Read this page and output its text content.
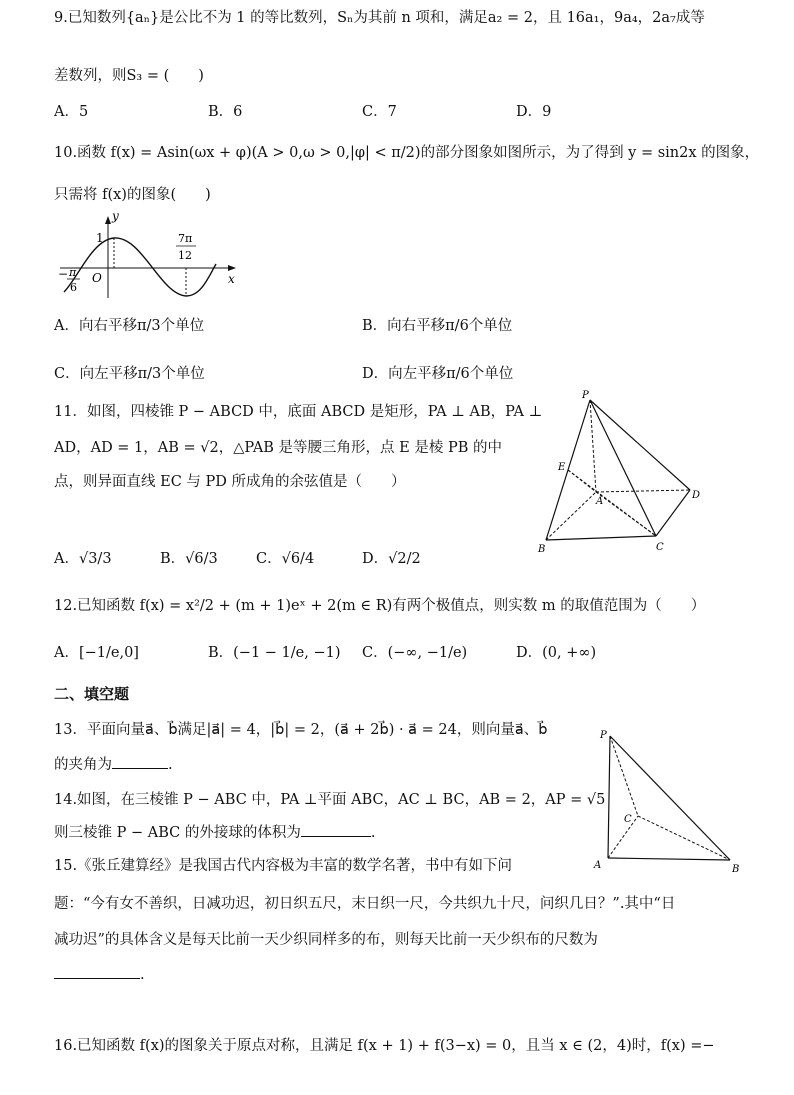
9.已知数列{aₙ}是公比不为 1 的等比数列，Sₙ为其前 n 项和，满足a₂ = 2，且 16a₁，9a₄，2a₇成等
差数列，则S₃ = (　　)
A．5	B．6	C．7	D．9
10.函数 f(x) = Asin(ωx + φ)(A > 0,ω > 0,|φ| < π/2)的部分图象如图所示，为了得到 y = sin2x 的图象，
只需将 f(x)的图象(　　)
y
x
O
1
− π
6
7π
12
A．向右平移π/3个单位	B．向右平移π/6个单位
C．向左平移π/3个单位	D．向左平移π/6个单位
11．如图，四棱锥 P − ABCD 中，底面 ABCD 是矩形，PA ⊥ AB，PA ⊥
AD，AD = 1，AB = √2，△PAB 是等腰三角形，点 E 是棱 PB 的中
点，则异面直线 EC 与 PD 所成角的余弦值是（　　）
P
E
A
B	C
D
A．√3/3	B．√6/3	C．√6/4	D．√2/2
12.已知函数 f(x) = x²/2 + (m + 1)eˣ + 2(m ∈ R)有两个极值点，则实数 m 的取值范围为（　　）
A．[−1/e,0]	B．(−1 − 1/e, −1) C．(−∞, −1/e)	D．(0, +∞)
二、填空题
13．平面向量a⃗、b⃗满足|a⃗| = 4，|b⃗| = 2，(a⃗ + 2b⃗) · a⃗ = 24，则向量a⃗、b⃗
的夹角为	.
14.如图，在三棱锥 P − ABC 中，PA ⊥平面 ABC，AC ⊥ BC，AB = 2，AP = √5
则三棱锥 P − ABC 的外接球的体积为	.
P
C
A	B
15.《张丘建算经》是我国古代内容极为丰富的数学名著，书中有如下问
题：“今有女不善织，日减功迟，初日织五尺，末日织一尺，今共织九十尺，问织几日？”.其中“日
减功迟”的具体含义是每天比前一天少织同样多的布，则每天比前一天少织布的尺数为
.
16.已知函数 f(x)的图象关于原点对称，且满足 f(x + 1) + f(3−x) = 0，且当 x ∈ (2，4)时，f(x) =−
